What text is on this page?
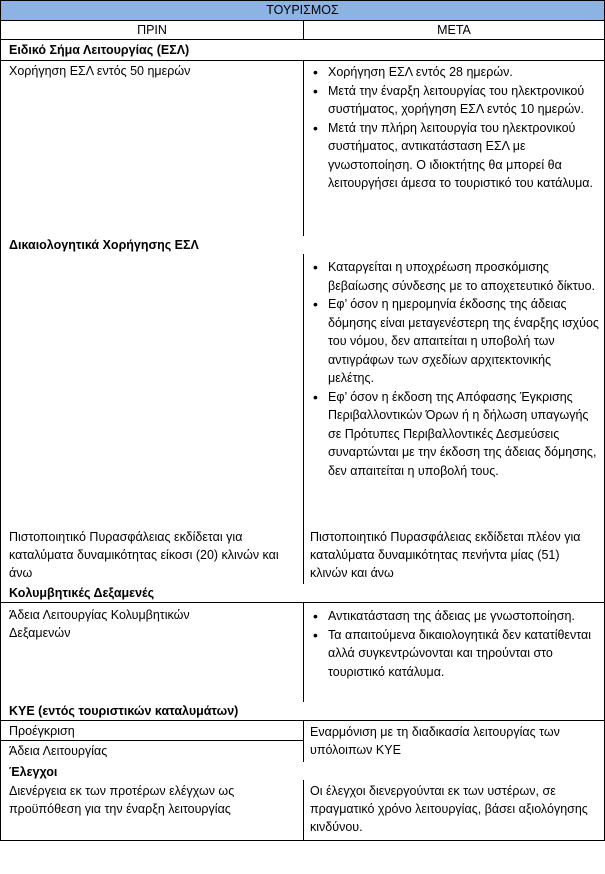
ΤΟΥΡΙΣΜΟΣ
ΠΡΙΝ	ΜΕΤΑ
Ειδικό Σήμα Λειτουργίας (ΕΣΛ)
Χορήγηση ΕΣΛ εντός 50 ημερών
•	Χορήγηση ΕΣΛ εντός 28 ημερών.
• Μετά την έναρξη λειτουργίας του ηλεκτρονικού συστήματος, χορήγηση ΕΣΛ εντός 10 ημερών.
• Μετά την πλήρη λειτουργία του ηλεκτρονικού συστήματος, αντικατάσταση ΕΣΛ με γνωστοποίηση. Ο ιδιοκτήτης θα μπορεί θα λειτουργήσει άμεσα το τουριστικό του κατάλυμα.
Δικαιολογητικά Χορήγησης ΕΣΛ
• Καταργείται η υποχρέωση προσκόμισης βεβαίωσης σύνδεσης με το αποχετευτικό δίκτυο.
• Εφ’ όσον η ημερομηνία έκδοσης της άδειας δόμησης είναι μεταγενέστερη της έναρξης ισχύος του νόμου, δεν απαιτείται η υποβολή των αντιγράφων των σχεδίων αρχιτεκτονικής μελέτης.
• Εφ’ όσον η έκδοση της Απόφασης Έγκρισης Περιβαλλοντικών Όρων ή η δήλωση υπαγωγής σε Πρότυπες Περιβαλλοντικές Δεσμεύσεις συναρτώνται με την έκδοση της άδειας δόμησης, δεν απαιτείται η υποβολή τους.
Πιστοποιητικό Πυρασφάλειας εκδίδεται για καταλύματα δυναμικότητας είκοσι (20) κλινών και άνω
Πιστοποιητικό Πυρασφάλειας εκδίδεται πλέον για καταλύματα δυναμικότητας πενήντα μίας (51) κλινών και άνω
Κολυμβητικές Δεξαμενές
Άδεια Λειτουργίας Κολυμβητικών Δεξαμενών
• Αντικατάσταση της άδειας με γνωστοποίηση.
• Τα απαιτούμενα δικαιολογητικά δεν κατατίθενται αλλά συγκεντρώνονται και τηρούνται στο τουριστικό κατάλυμα.
ΚΥΕ (εντός τουριστικών καταλυμάτων)
Προέγκριση
Άδεια Λειτουργίας
Εναρμόνιση με τη διαδικασία λειτουργίας των υπόλοιπων ΚΥΕ
Έλεγχοι
Διενέργεια εκ των προτέρων ελέγχων ως προϋπόθεση για την έναρξη λειτουργίας
Οι έλεγχοι διενεργούνται εκ των υστέρων, σε πραγματικό χρόνο λειτουργίας, βάσει αξιολόγησης κινδύνου.
